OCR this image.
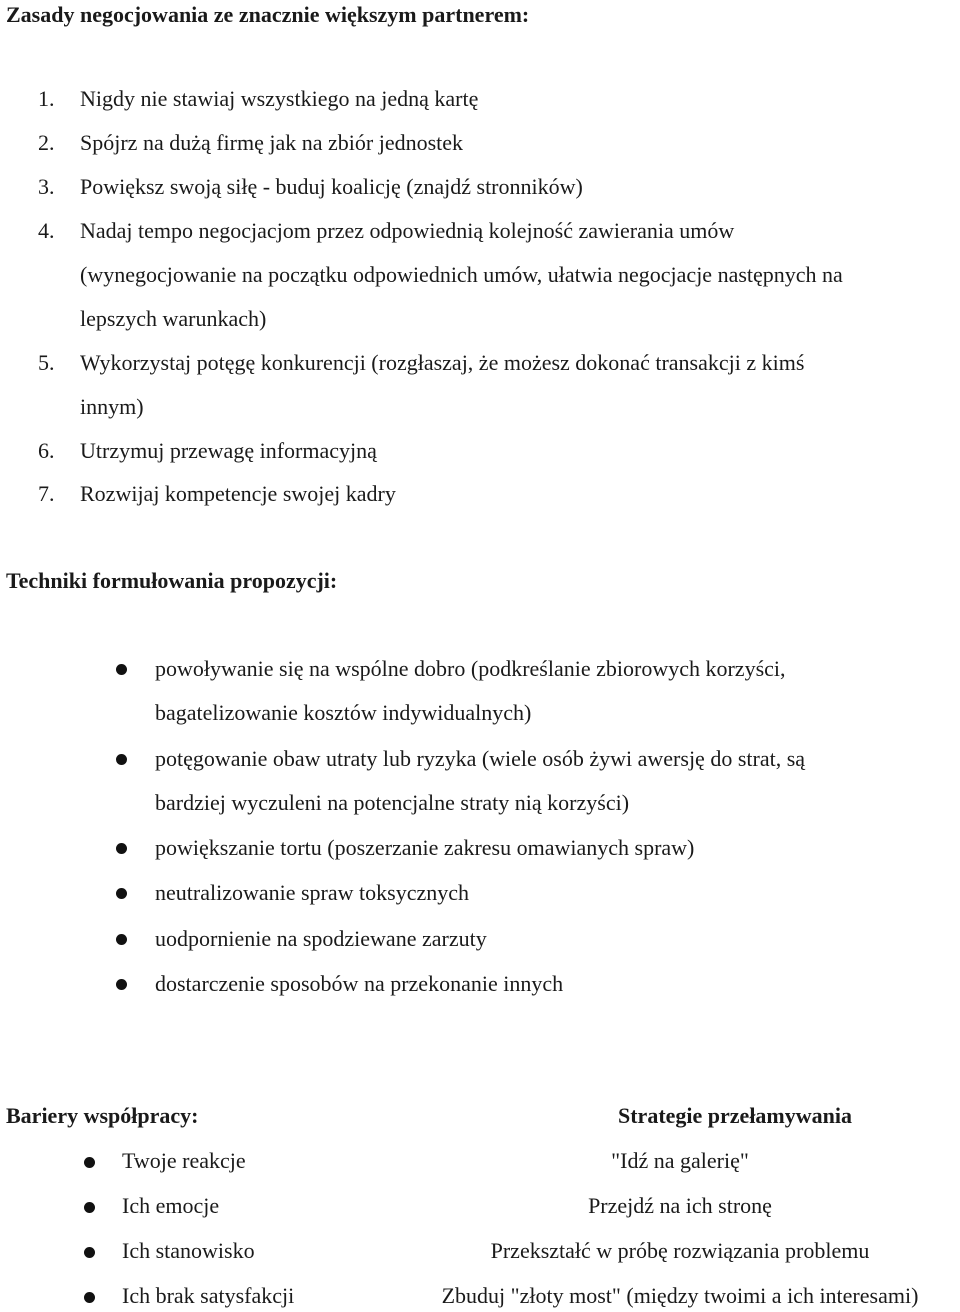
Zasady negocjowania ze znacznie większym partnerem:
1. Nigdy nie stawiaj wszystkiego na jedną kartę
2. Spójrz na dużą firmę jak na zbiór jednostek
3. Powiększ swoją siłę - buduj koalicję (znajdź stronników)
4. Nadaj tempo negocjacjom przez odpowiednią kolejność zawierania umów
(wynegocjowanie na początku odpowiednich umów, ułatwia negocjacje następnych na
lepszych warunkach)
5. Wykorzystaj potęgę konkurencji (rozgłaszaj, że możesz dokonać transakcji z kimś
innym)
6. Utrzymuj przewagę informacyjną
7. Rozwijaj kompetencje swojej kadry
Techniki formułowania propozycji:
powoływanie się na wspólne dobro (podkreślanie zbiorowych korzyści,
bagatelizowanie kosztów indywidualnych)
potęgowanie obaw utraty lub ryzyka (wiele osób żywi awersję do strat, są
bardziej wyczuleni na potencjalne straty nią korzyści)
powiększanie tortu (poszerzanie zakresu omawianych spraw)
neutralizowanie spraw toksycznych
uodpornienie na spodziewane zarzuty
dostarczenie sposobów na przekonanie innych
Bariery współpracy:	Strategie przełamywania
Twoje reakcje	"Idź na galerię"
Ich emocje	Przejdź na ich stronę
Ich stanowisko	Przekształć w próbę rozwiązania problemu
Ich brak satysfakcji	Zbuduj "złoty most" (między twoimi a ich interesami)
